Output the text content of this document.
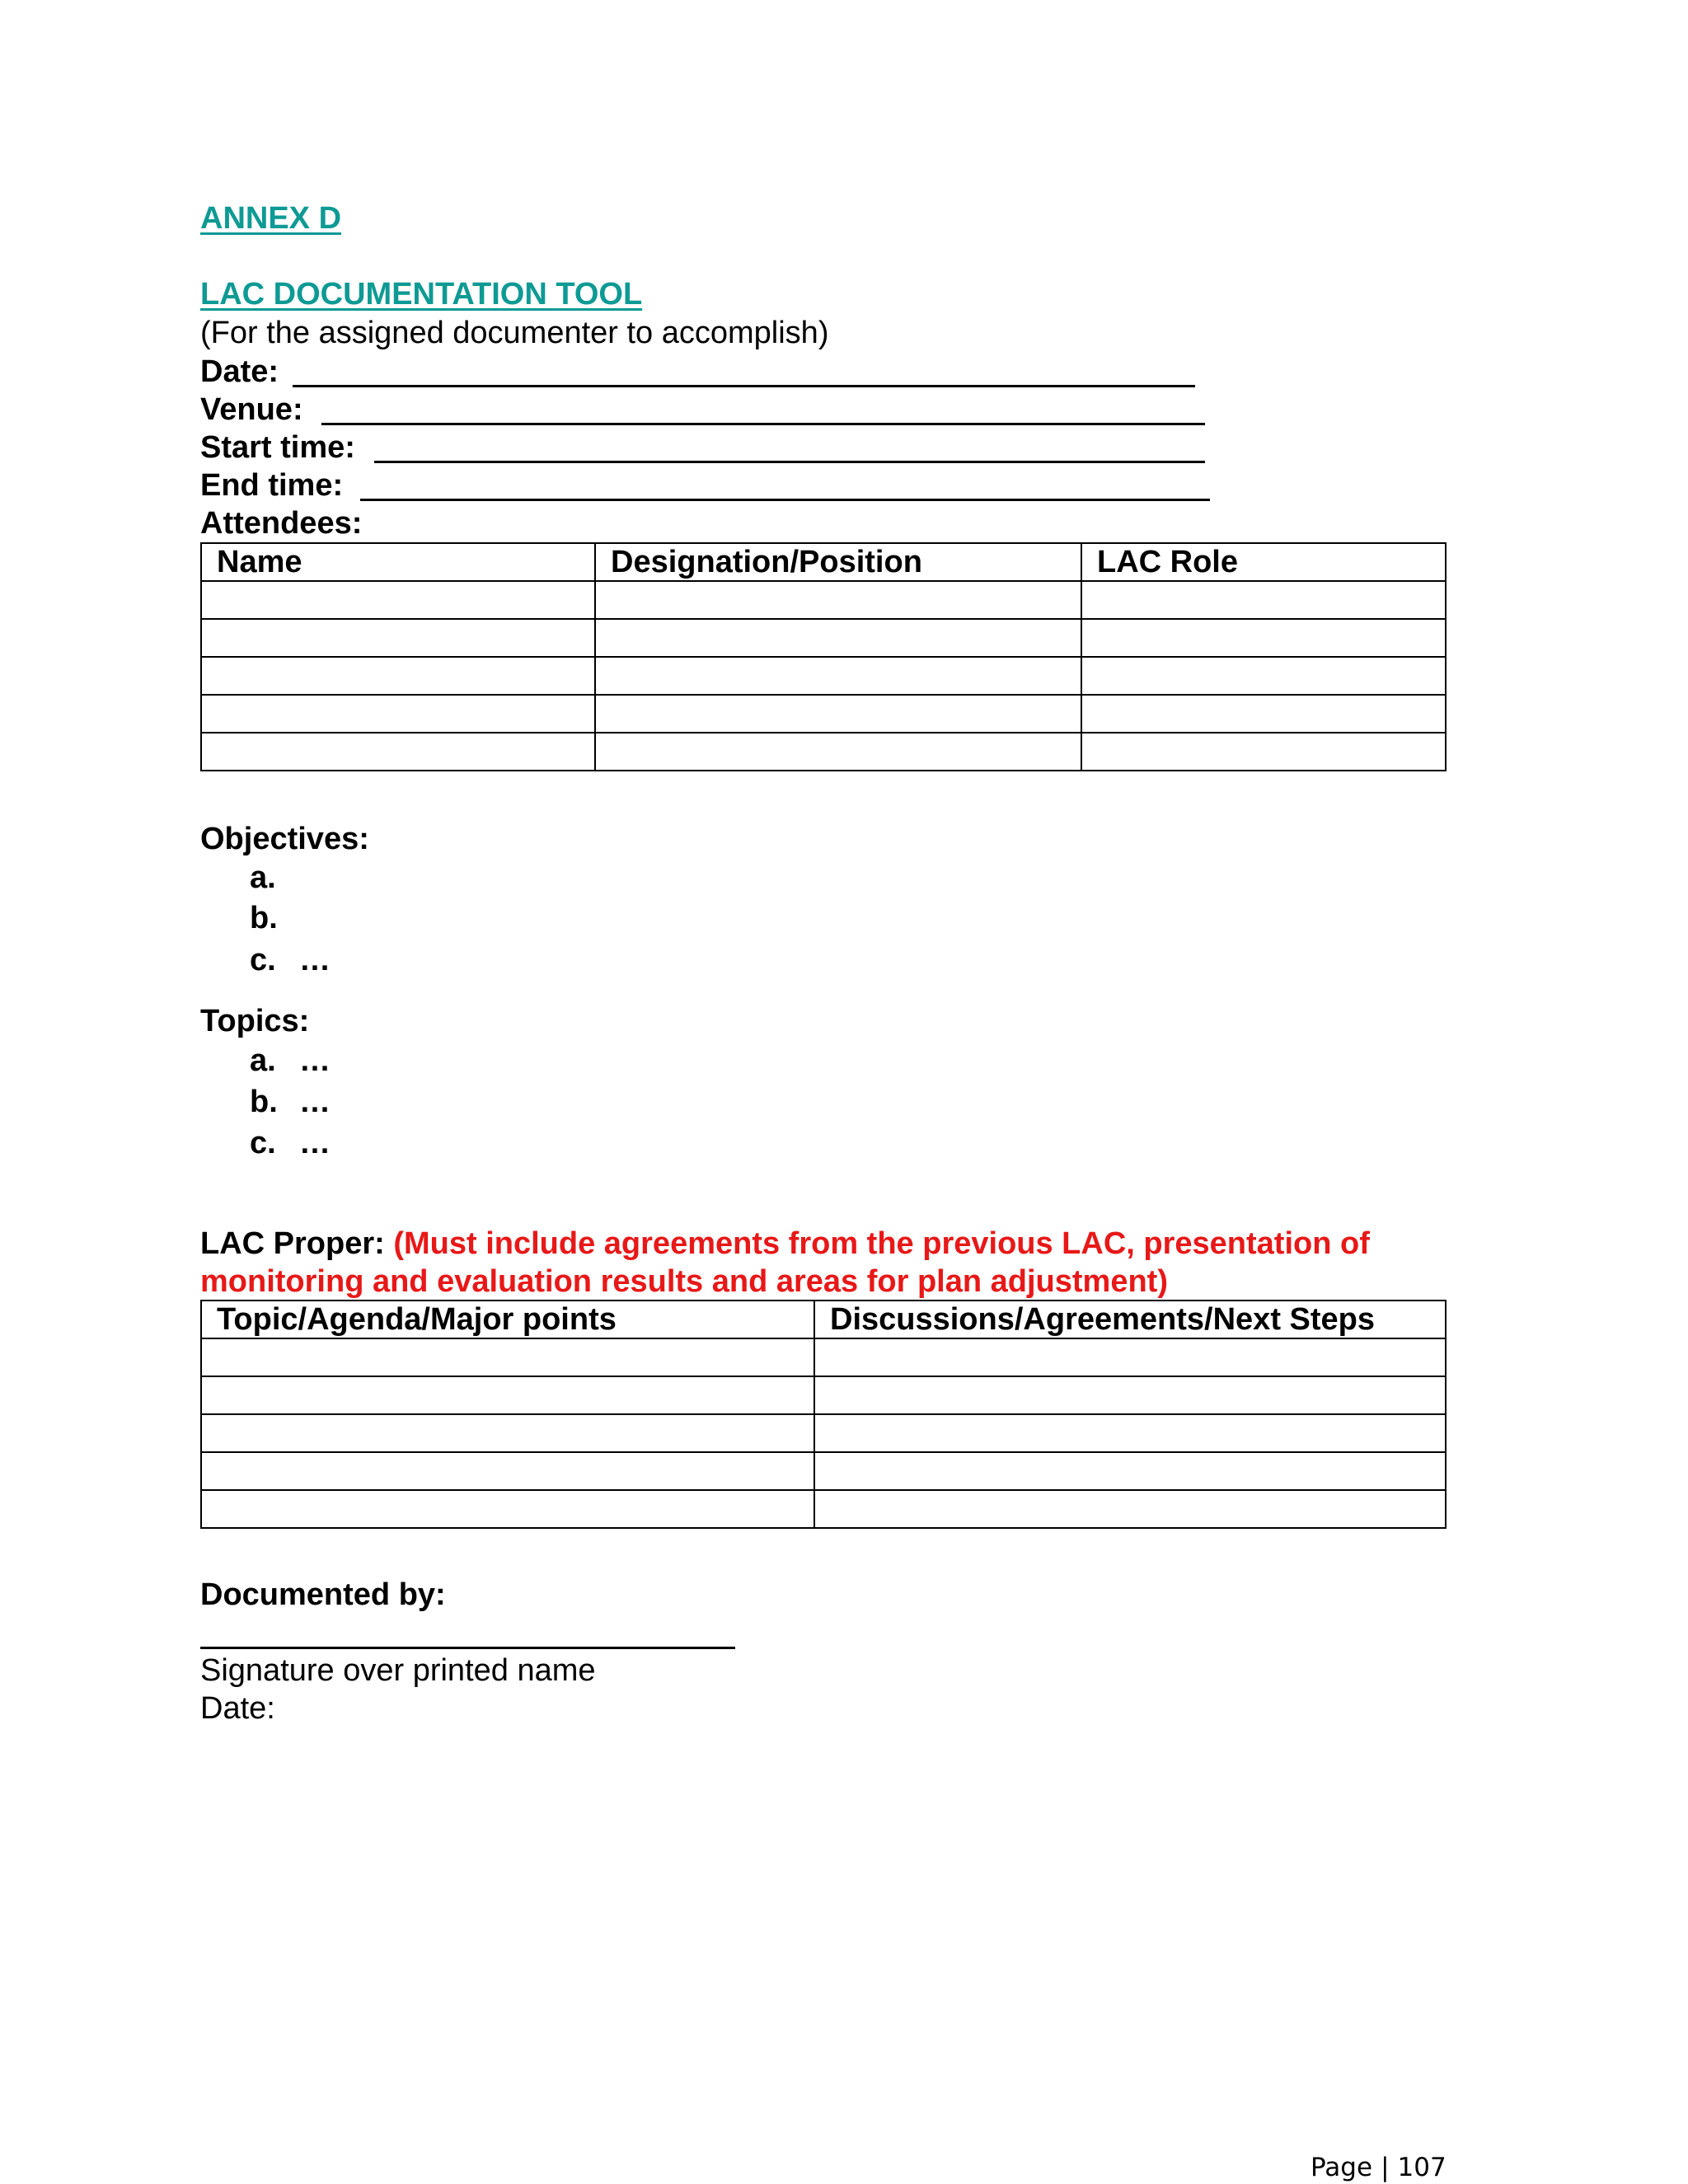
ANNEX D
LAC DOCUMENTATION TOOL
(For the assigned documenter to accomplish)
Date:
Venue:
Start time:
End time:
Attendees:
Name	Designation/Position	LAC Role

Objectives:
a.
b.
c. …
Topics:
a. …
b. …
c. …
LAC Proper: (Must include agreements from the previous LAC, presentation of
monitoring and evaluation results and areas for plan adjustment)
Topic/Agenda/Major points	Discussions/Agreements/Next Steps

Documented by:
Signature over printed name
Date:
Page | 107
